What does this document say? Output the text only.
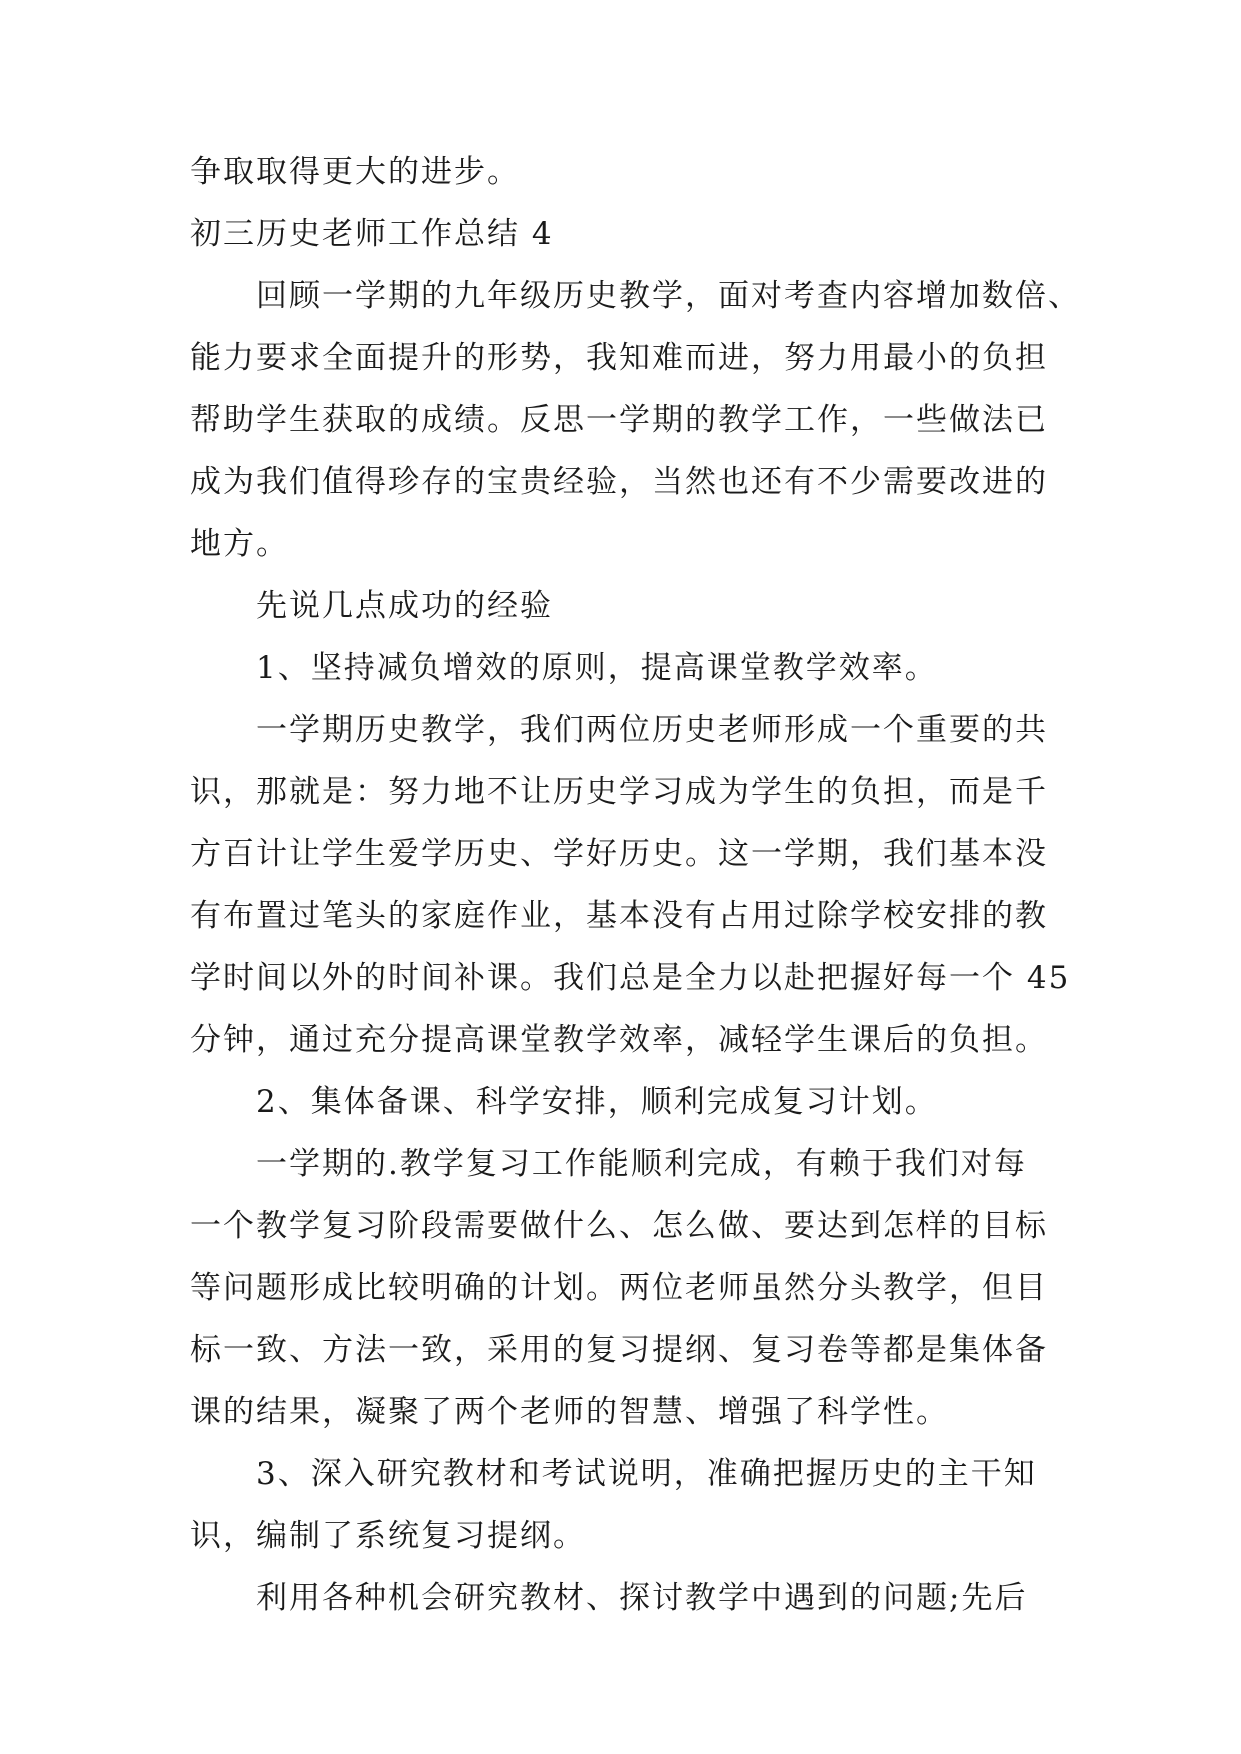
争取取得更大的进步。
初三历史老师工作总结 4
回顾一学期的九年级历史教学，面对考查内容增加数倍、
能力要求全面提升的形势，我知难而进，努力用最小的负担
帮助学生获取的成绩。反思一学期的教学工作，一些做法已
成为我们值得珍存的宝贵经验，当然也还有不少需要改进的
地方。
先说几点成功的经验
1、坚持减负增效的原则，提高课堂教学效率。
一学期历史教学，我们两位历史老师形成一个重要的共
识，那就是：努力地不让历史学习成为学生的负担，而是千
方百计让学生爱学历史、学好历史。这一学期，我们基本没
有布置过笔头的家庭作业，基本没有占用过除学校安排的教
学时间以外的时间补课。我们总是全力以赴把握好每一个 45
分钟，通过充分提高课堂教学效率，减轻学生课后的负担。
2、集体备课、科学安排，顺利完成复习计划。
一学期的.教学复习工作能顺利完成，有赖于我们对每
一个教学复习阶段需要做什么、怎么做、要达到怎样的目标
等问题形成比较明确的计划。两位老师虽然分头教学，但目
标一致、方法一致，采用的复习提纲、复习卷等都是集体备
课的结果，凝聚了两个老师的智慧、增强了科学性。
3、深入研究教材和考试说明，准确把握历史的主干知
识，编制了系统复习提纲。
利用各种机会研究教材、探讨教学中遇到的问题;先后
